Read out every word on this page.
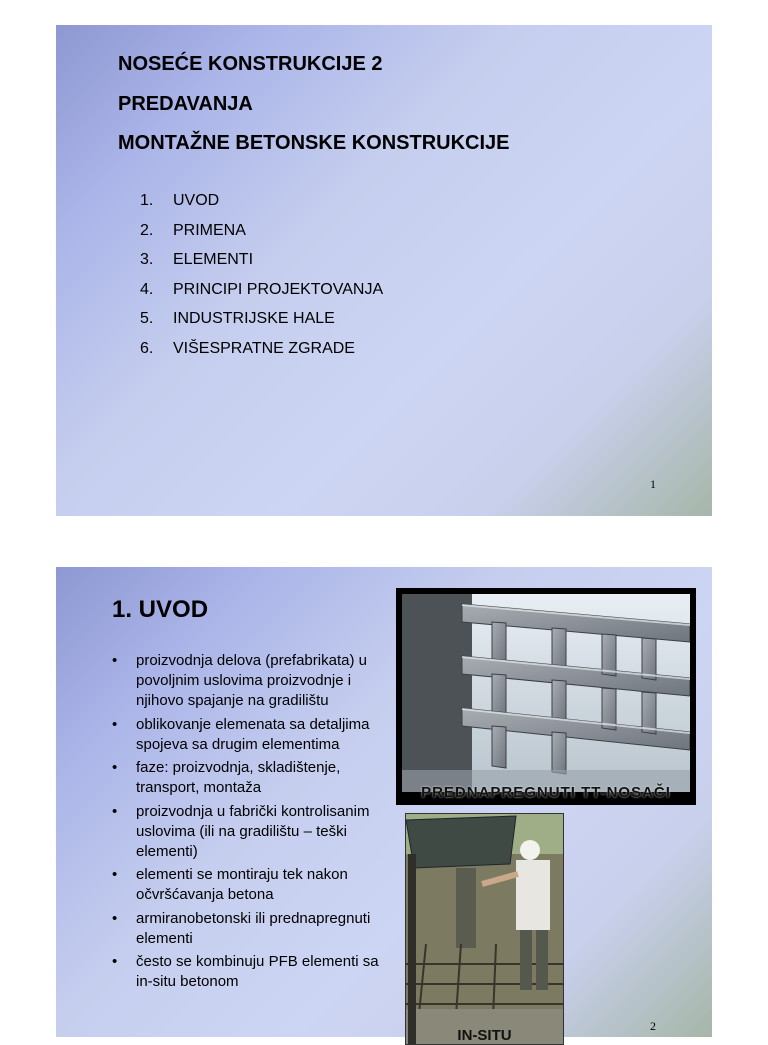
NOSEĆE KONSTRUKCIJE 2
PREDAVANJA
MONTAŽNE BETONSKE KONSTRUKCIJE
1. UVOD
2. PRIMENA
3. ELEMENTI
4. PRINCIPI PROJEKTOVANJA
5. INDUSTRIJSKE HALE
6. VIŠESPRATNE ZGRADE
1
1. UVOD
• proizvodnja delova (prefabrikata) u povoljnim uslovima proizvodnje i njihovo spajanje na gradilištu
• oblikovanje elemenata sa detaljima spojeva sa drugim elementima
• faze: proizvodnja, skladištenje, transport, montaža
• proizvodnja u fabrički kontrolisanim uslovima (ili na gradilištu – teški elementi)
• elementi se montiraju tek nakon očvršćavanja betona
• armiranobetonski ili prednapregnuti elementi
• često se kombinuju PFB elementi sa in-situ betonom
PREDNAPREGNUTI TT-NOSAČI
IN-SITU
2
